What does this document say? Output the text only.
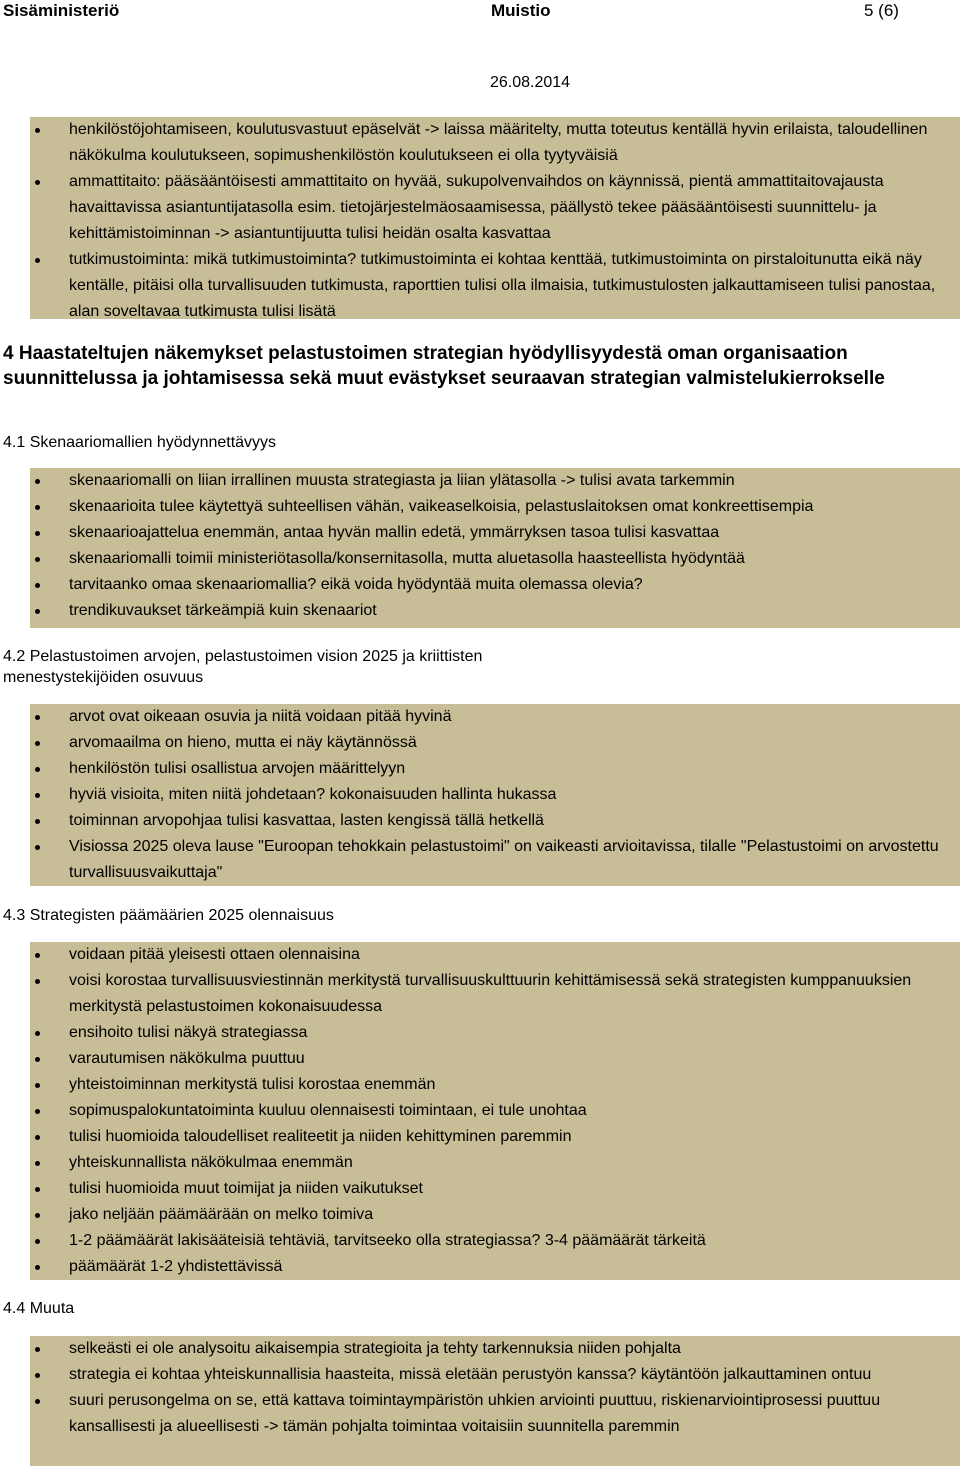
Sisäministeriö	Muistio	5 (6)
26.08.2014
henkilöstöjohtamiseen, koulutusvastuut epäselvät -> laissa määritelty, mutta toteutus kentällä hyvin erilaista, taloudellinen näkökulma koulutukseen, sopimushenkilöstön koulutukseen ei olla tyytyväisiä
ammattitaito: pääsääntöisesti ammattitaito on hyvää, sukupolvenvaihdos on käynnissä, pientä ammattitaitovajausta havaittavissa asiantuntijatasolla esim. tietojärjestelmäosaamisessa, päällystö tekee pääsääntöisesti suunnittelu- ja kehittämistoiminnan -> asiantuntijuutta tulisi heidän osalta kasvattaa
tutkimustoiminta: mikä tutkimustoiminta? tutkimustoiminta ei kohtaa kenttää, tutkimustoiminta on pirstaloitunutta eikä näy kentälle, pitäisi olla turvallisuuden tutkimusta, raporttien tulisi olla ilmaisia, tutkimustulosten jalkauttamiseen tulisi panostaa, alan soveltavaa tutkimusta tulisi lisätä
4 Haastateltujen näkemykset pelastustoimen strategian hyödyllisyydestä oman organisaation suunnittelussa ja johtamisessa sekä muut evästykset seuraavan strategian valmistelukierrokselle
4.1 Skenaariomallien hyödynnettävyys
skenaariomalli on liian irrallinen muusta strategiasta ja liian ylätasolla -> tulisi avata tarkemmin
skenaarioita tulee käytettyä suhteellisen vähän, vaikeaselkoisia, pelastuslaitoksen omat konkreettisempia
skenaarioajattelua enemmän, antaa hyvän mallin edetä, ymmärryksen tasoa tulisi kasvattaa
skenaariomalli toimii ministeriötasolla/konsernitasolla, mutta aluetasolla haasteellista hyödyntää
tarvitaanko omaa skenaariomallia? eikä voida hyödyntää muita olemassa olevia?
trendikuvaukset tärkeämpiä kuin skenaariot
4.2 Pelastustoimen arvojen, pelastustoimen vision 2025 ja kriittisten menestystekijöiden osuvuus
arvot ovat oikeaan osuvia ja niitä voidaan pitää hyvinä
arvomaailma on hieno, mutta ei näy käytännössä
henkilöstön tulisi osallistua arvojen määrittelyyn
hyviä visioita, miten niitä johdetaan? kokonaisuuden hallinta hukassa
toiminnan arvopohjaa tulisi kasvattaa, lasten kengissä tällä hetkellä
Visiossa 2025 oleva lause "Euroopan tehokkain pelastustoimi" on vaikeasti arvioitavissa, tilalle "Pelastustoimi on arvostettu turvallisuusvaikuttaja"
4.3 Strategisten päämäärien 2025 olennaisuus
voidaan pitää yleisesti ottaen olennaisina
voisi korostaa turvallisuusviestinnän merkitystä turvallisuuskulttuurin kehittämisessä sekä strategisten kumppanuuksien merkitystä pelastustoimen kokonaisuudessa
ensihoito tulisi näkyä strategiassa
varautumisen näkökulma puuttuu
yhteistoiminnan merkitystä tulisi korostaa enemmän
sopimuspalokuntatoiminta kuuluu olennaisesti toimintaan, ei tule unohtaa
tulisi huomioida taloudelliset realiteetit ja niiden kehittyminen paremmin
yhteiskunnallista näkökulmaa enemmän
tulisi huomioida muut toimijat ja niiden vaikutukset
jako neljään päämäärään on melko toimiva
1-2 päämäärät lakisääteisiä tehtäviä, tarvitseeko olla strategiassa? 3-4 päämäärät tärkeitä
päämäärät 1-2 yhdistettävissä
4.4 Muuta
selkeästi ei ole analysoitu aikaisempia strategioita ja tehty tarkennuksia niiden pohjalta
strategia ei kohtaa yhteiskunnallisia haasteita, missä eletään perustyön kanssa? käytäntöön jalkauttaminen ontuu
suuri perusongelma on se, että kattava toimintaympäristön uhkien arviointi puuttuu, riskienarviointiprosessi puuttuu kansallisesti ja alueellisesti -> tämän pohjalta toimintaa voitaisiin suunnitella paremmin
